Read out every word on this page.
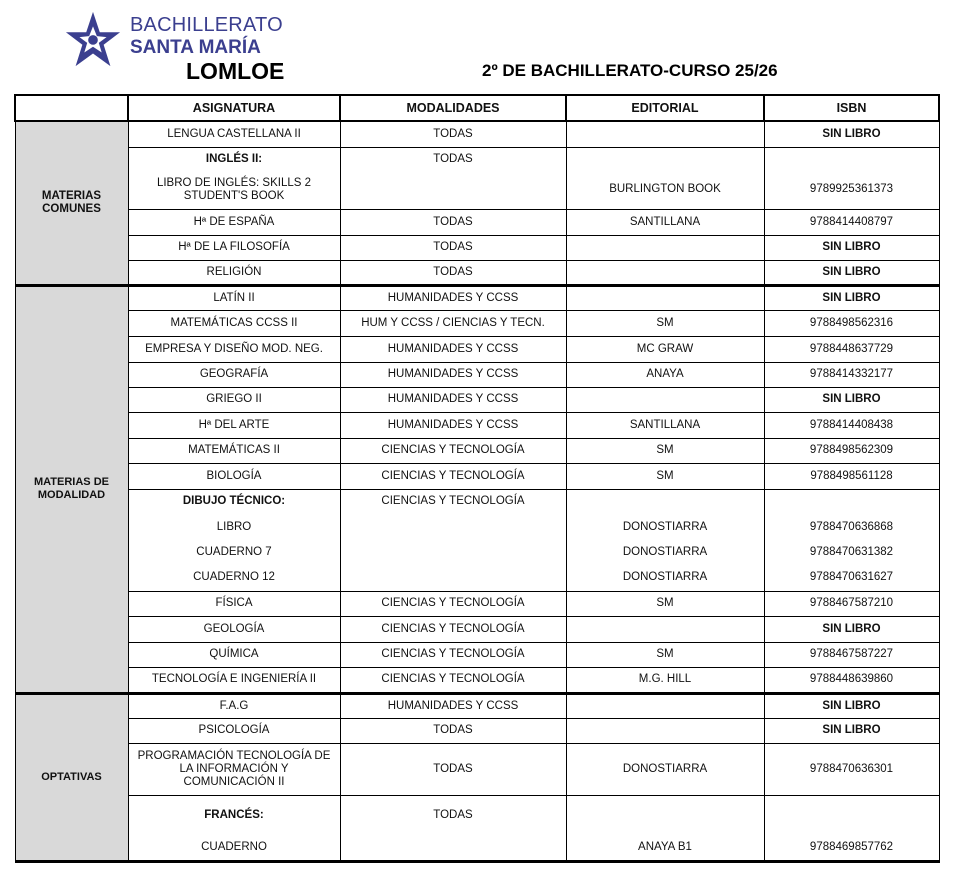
BACHILLERATO
SANTA MARÍA
LOMLOE	2º DE BACHILLERATO-CURSO 25/26
	ASIGNATURA	MODALIDADES	EDITORIAL	ISBN
MATERIAS COMUNES	LENGUA CASTELLANA II	TODAS		SIN LIBRO
	INGLÉS II:	TODAS		
	LIBRO DE INGLÉS: SKILLS 2 STUDENT'S BOOK		BURLINGTON BOOK	9789925361373
	Hª DE ESPAÑA	TODAS	SANTILLANA	9788414408797
	Hª DE LA FILOSOFÍA	TODAS		SIN LIBRO
	RELIGIÓN	TODAS		SIN LIBRO
MATERIAS DE MODALIDAD	LATÍN II	HUMANIDADES Y CCSS		SIN LIBRO
	MATEMÁTICAS CCSS II	HUM Y CCSS / CIENCIAS Y TECN.	SM	9788498562316
	EMPRESA Y DISEÑO MOD. NEG.	HUMANIDADES Y CCSS	MC GRAW	9788448637729
	GEOGRAFÍA	HUMANIDADES Y CCSS	ANAYA	9788414332177
	GRIEGO II	HUMANIDADES Y CCSS		SIN LIBRO
	Hª DEL ARTE	HUMANIDADES Y CCSS	SANTILLANA	9788414408438
	MATEMÁTICAS II	CIENCIAS Y TECNOLOGÍA	SM	9788498562309
	BIOLOGÍA	CIENCIAS Y TECNOLOGÍA	SM	9788498561128
	DIBUJO TÉCNICO:	CIENCIAS Y TECNOLOGÍA		
	LIBRO		DONOSTIARRA	9788470636868
	CUADERNO 7		DONOSTIARRA	9788470631382
	CUADERNO 12		DONOSTIARRA	9788470631627
	FÍSICA	CIENCIAS Y TECNOLOGÍA	SM	9788467587210
	GEOLOGÍA	CIENCIAS Y TECNOLOGÍA		SIN LIBRO
	QUÍMICA	CIENCIAS Y TECNOLOGÍA	SM	9788467587227
	TECNOLOGÍA E INGENIERÍA II	CIENCIAS Y TECNOLOGÍA	M.G. HILL	9788448639860
OPTATIVAS	F.A.G	HUMANIDADES Y CCSS		SIN LIBRO
	PSICOLOGÍA	TODAS		SIN LIBRO
	PROGRAMACIÓN TECNOLOGÍA DE LA INFORMACIÓN Y COMUNICACIÓN II	TODAS	DONOSTIARRA	9788470636301
	FRANCÉS:	TODAS		
	CUADERNO		ANAYA B1	9788469857762
